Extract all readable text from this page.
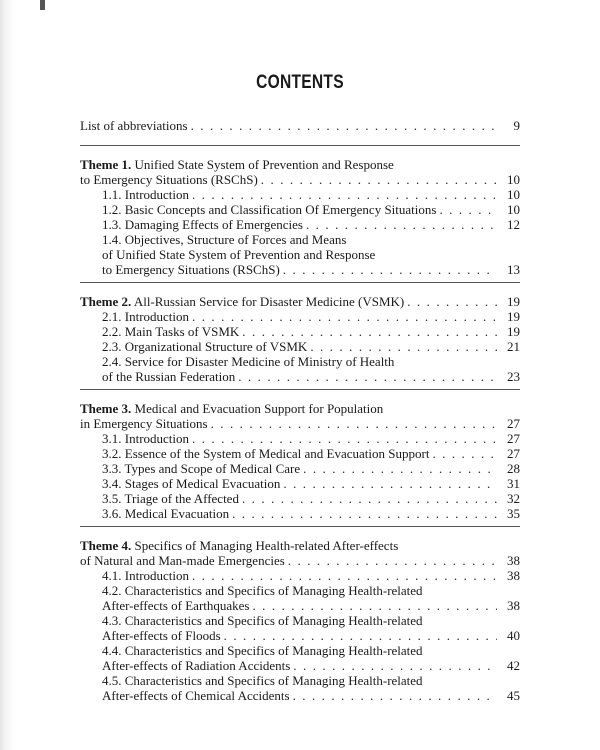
CONTENTS
List of abbreviations . . .	9
Theme 1. Unified State System of Prevention and Response
to Emergency Situations (RSChS) . . .	10
1.1. Introduction . . .	10
1.2. Basic Concepts and Classification Of Emergency Situations . . .	10
1.3. Damaging Effects of Emergencies . . .	12
1.4. Objectives, Structure of Forces and Means
of Unified State System of Prevention and Response
to Emergency Situations (RSChS) . . .	13
Theme 2. All-Russian Service for Disaster Medicine (VSMK) . . .	19
2.1. Introduction . . .	19
2.2. Main Tasks of VSMK . . .	19
2.3. Organizational Structure of VSMK . . .	21
2.4. Service for Disaster Medicine of Ministry of Health
of the Russian Federation . . .	23
Theme 3. Medical and Evacuation Support for Population
in Emergency Situations . . .	27
3.1. Introduction . . .	27
3.2. Essence of the System of Medical and Evacuation Support . . .	27
3.3. Types and Scope of Medical Care . . .	28
3.4. Stages of Medical Evacuation . . .	31
3.5. Triage of the Affected . . .	32
3.6. Medical Evacuation . . .	35
Theme 4. Specifics of Managing Health-related After-effects
of Natural and Man-made Emergencies . . .	38
4.1. Introduction . . .	38
4.2. Characteristics and Specifics of Managing Health-related
After-effects of Earthquakes . . .	38
4.3. Characteristics and Specifics of Managing Health-related
After-effects of Floods . . .	40
4.4. Characteristics and Specifics of Managing Health-related
After-effects of Radiation Accidents . . .	42
4.5. Characteristics and Specifics of Managing Health-related
After-effects of Chemical Accidents . . .	45
